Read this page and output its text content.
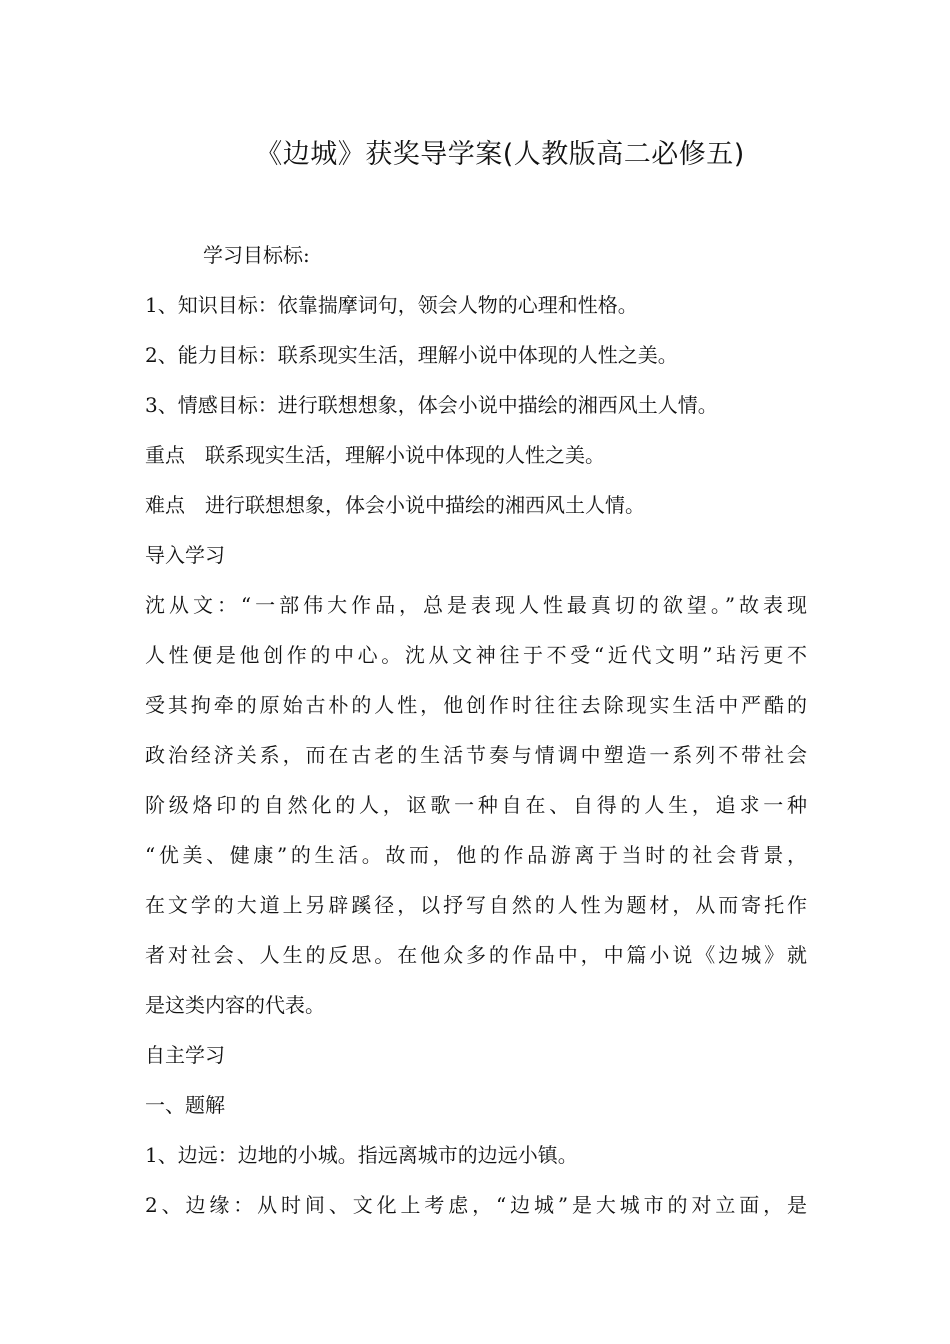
《边城》获奖导学案(人教版高二必修五)
学习目标标:
1、知识目标：依靠揣摩词句，领会人物的心理和性格。
2、能力目标：联系现实生活，理解小说中体现的人性之美。
3、情感目标：进行联想想象，体会小说中描绘的湘西风土人情。
重点 联系现实生活，理解小说中体现的人性之美。
难点 进行联想想象，体会小说中描绘的湘西风土人情。
导入学习
沈从文：“一部伟大作品，总是表现人性最真切的欲望。”故表现
人性便是他创作的中心。沈从文神往于不受“近代文明”玷污更不
受其拘牵的原始古朴的人性，他创作时往往去除现实生活中严酷的
政治经济关系，而在古老的生活节奏与情调中塑造一系列不带社会
阶级烙印的自然化的人，讴歌一种自在、自得的人生，追求一种
“优美、健康”的生活。故而，他的作品游离于当时的社会背景，
在文学的大道上另辟蹊径，以抒写自然的人性为题材，从而寄托作
者对社会、人生的反思。在他众多的作品中，中篇小说《边城》就
是这类内容的代表。
自主学习
一、题解
1、边远：边地的小城。指远离城市的边远小镇。
2、边缘：从时间、文化上考虑，“边城”是大城市的对立面，是
